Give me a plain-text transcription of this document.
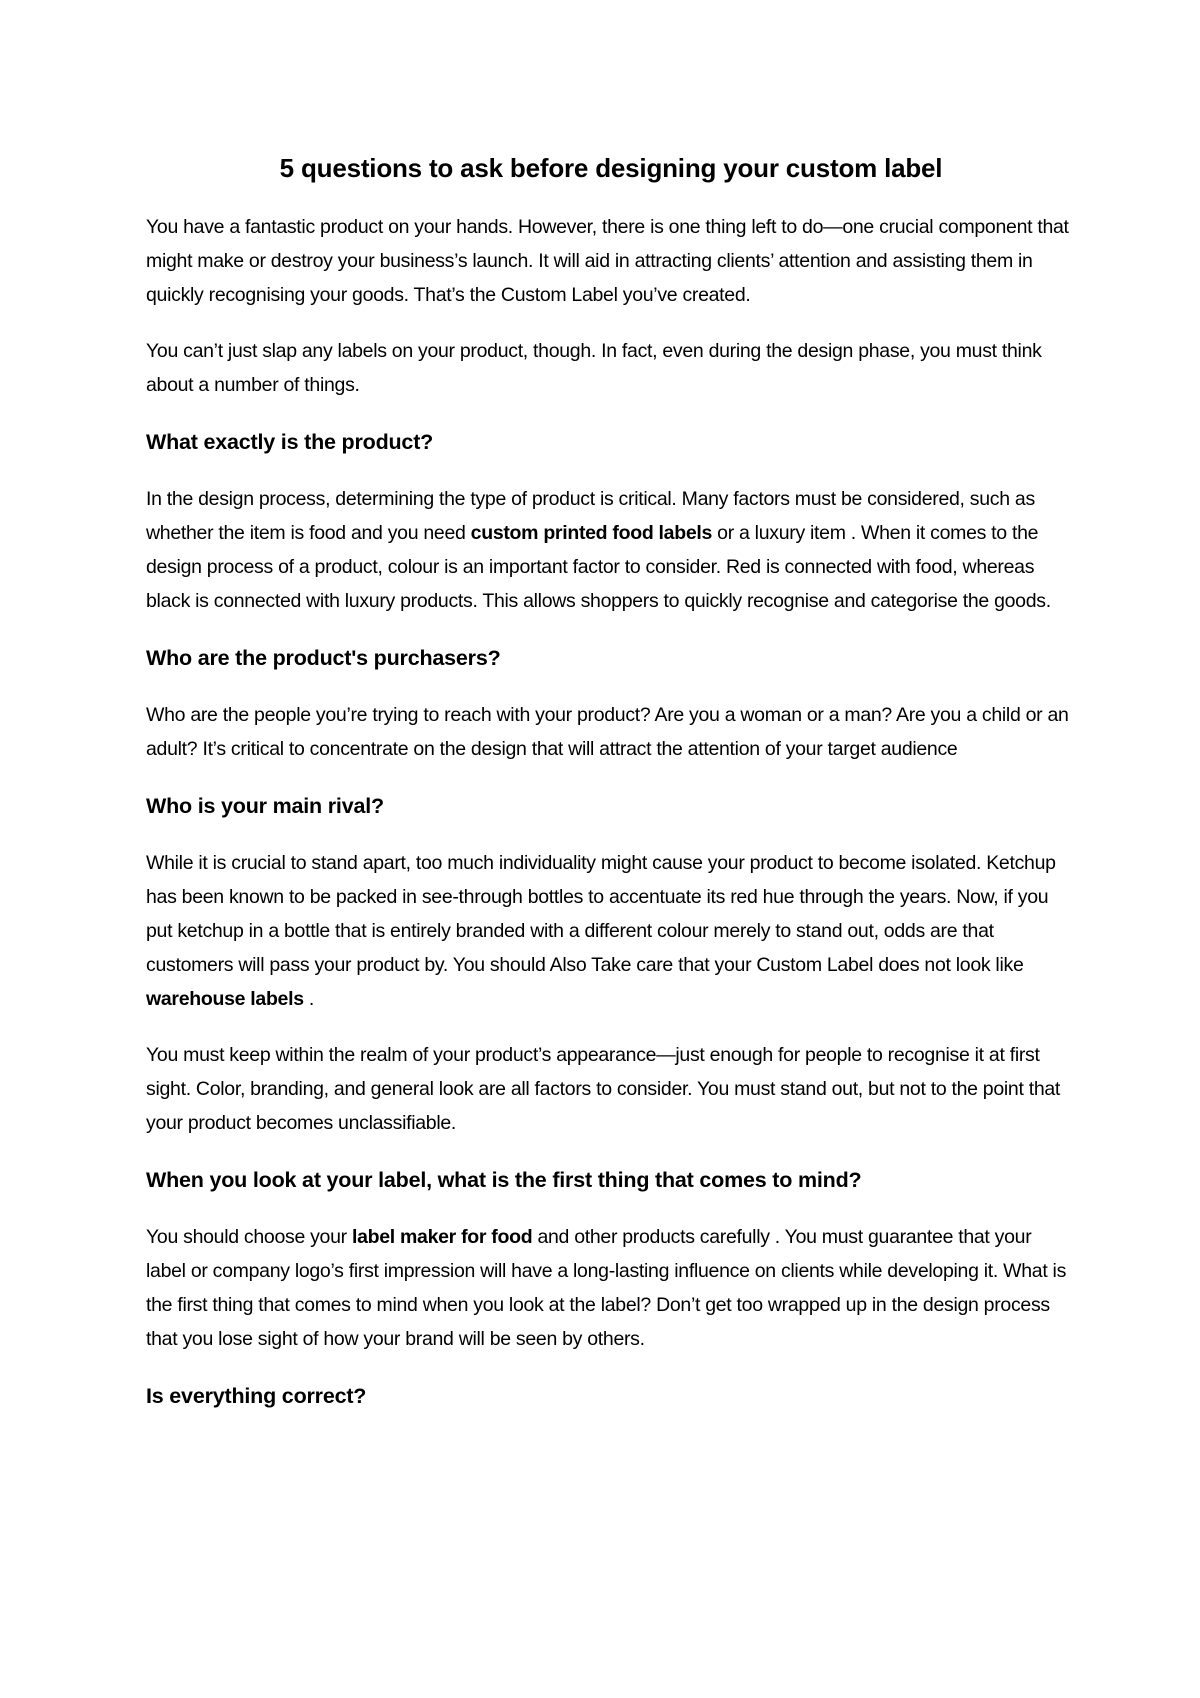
5 questions to ask before designing your custom label

You have a fantastic product on your hands. However, there is one thing left to do—one crucial component that might make or destroy your business’s launch. It will aid in attracting clients’ attention and assisting them in quickly recognising your goods. That’s the Custom Label you’ve created.

You can’t just slap any labels on your product, though. In fact, even during the design phase, you must think about a number of things.

What exactly is the product?

In the design process, determining the type of product is critical. Many factors must be considered, such as whether the item is food and you need custom printed food labels or a luxury item . When it comes to the design process of a product, colour is an important factor to consider. Red is connected with food, whereas black is connected with luxury products. This allows shoppers to quickly recognise and categorise the goods.

Who are the product's purchasers?

Who are the people you’re trying to reach with your product? Are you a woman or a man? Are you a child or an adult? It’s critical to concentrate on the design that will attract the attention of your target audience

Who is your main rival?

While it is crucial to stand apart, too much individuality might cause your product to become isolated. Ketchup has been known to be packed in see-through bottles to accentuate its red hue through the years. Now, if you put ketchup in a bottle that is entirely branded with a different colour merely to stand out, odds are that customers will pass your product by. You should Also Take care that your Custom Label does not look like warehouse labels .

You must keep within the realm of your product’s appearance—just enough for people to recognise it at first sight. Color, branding, and general look are all factors to consider. You must stand out, but not to the point that your product becomes unclassifiable.

When you look at your label, what is the first thing that comes to mind?

You should choose your label maker for food and other products carefully . You must guarantee that your label or company logo’s first impression will have a long-lasting influence on clients while developing it. What is the first thing that comes to mind when you look at the label? Don’t get too wrapped up in the design process that you lose sight of how your brand will be seen by others.

Is everything correct?
